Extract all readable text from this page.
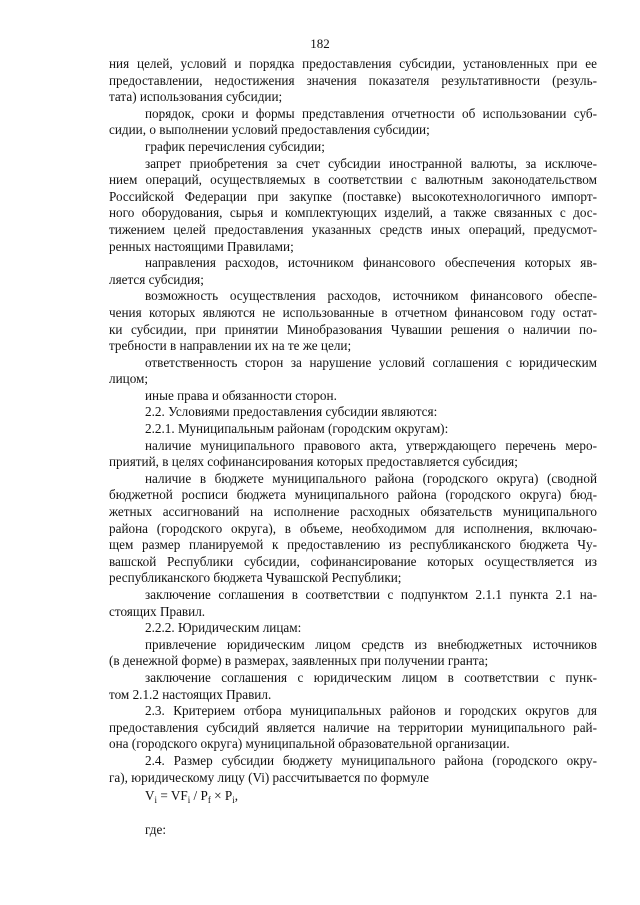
182
ния целей, условий и порядка предоставления субсидии, установленных при ее
предоставлении, недостижения значения показателя результативности (резуль-
тата) использования субсидии;
порядок, сроки и формы представления отчетности об использовании суб-
сидии, о выполнении условий предоставления субсидии;
график перечисления субсидии;
запрет приобретения за счет субсидии иностранной валюты, за исключе-
нием операций, осуществляемых в соответствии с валютным законодательством
Российской Федерации при закупке (поставке) высокотехнологичного импорт-
ного оборудования, сырья и комплектующих изделий, а также связанных с дос-
тижением целей предоставления указанных средств иных операций, предусмот-
ренных настоящими Правилами;
направления расходов, источником финансового обеспечения которых яв-
ляется субсидия;
возможность осуществления расходов, источником финансового обеспе-
чения которых являются не использованные в отчетном финансовом году остат-
ки субсидии, при принятии Минобразования Чувашии решения о наличии по-
требности в направлении их на те же цели;
ответственность сторон за нарушение условий соглашения с юридическим
лицом;
иные права и обязанности сторон.
2.2. Условиями предоставления субсидии являются:
2.2.1. Муниципальным районам (городским округам):
наличие муниципального правового акта, утверждающего перечень меро-
приятий, в целях софинансирования которых предоставляется субсидия;
наличие в бюджете муниципального района (городского округа) (сводной
бюджетной росписи бюджета муниципального района (городского округа) бюд-
жетных ассигнований на исполнение расходных обязательств муниципального
района (городского округа), в объеме, необходимом для исполнения, включаю-
щем размер планируемой к предоставлению из республиканского бюджета Чу-
вашской Республики субсидии, софинансирование которых осуществляется из
республиканского бюджета Чувашской Республики;
заключение соглашения в соответствии с подпунктом 2.1.1 пункта 2.1 на-
стоящих Правил.
2.2.2. Юридическим лицам:
привлечение юридическим лицом средств из внебюджетных источников
(в денежной форме) в размерах, заявленных при получении гранта;
заключение соглашения с юридическим лицом в соответствии с пунк-
том 2.1.2 настоящих Правил.
2.3. Критерием отбора муниципальных районов и городских округов для
предоставления субсидий является наличие на территории муниципального рай-
она (городского округа) муниципальной образовательной организации.
2.4. Размер субсидии бюджету муниципального района (городского окру-
га), юридическому лицу (Vi) рассчитывается по формуле
$V_i = VF_i / P_f \times P_i$,
где:
